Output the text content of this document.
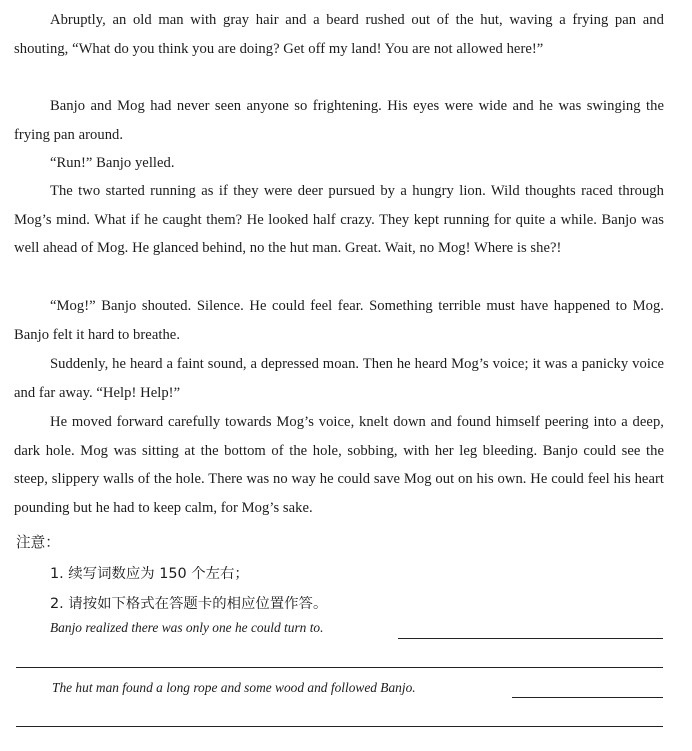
Abruptly, an old man with gray hair and a beard rushed out of the hut, waving a frying pan and shouting, “What do you think you are doing? Get off my land! You are not allowed here!”

Banjo and Mog had never seen anyone so frightening. His eyes were wide and he was swinging the frying pan around.

“Run!” Banjo yelled.

The two started running as if they were deer pursued by a hungry lion. Wild thoughts raced through Mog’s mind. What if he caught them? He looked half crazy. They kept running for quite a while. Banjo was well ahead of Mog. He glanced behind, no the hut man. Great. Wait, no Mog! Where is she?!

“Mog!” Banjo shouted. Silence. He could feel fear. Something terrible must have happened to Mog. Banjo felt it hard to breathe.

Suddenly, he heard a faint sound, a depressed moan. Then he heard Mog’s voice; it was a panicky voice and far away. “Help! Help!”

He moved forward carefully towards Mog’s voice, knelt down and found himself peering into a deep, dark hole. Mog was sitting at the bottom of the hole, sobbing, with her leg bleeding. Banjo could see the steep, slippery walls of the hole. There was no way he could save Mog out on his own. He could feel his heart pounding but he had to keep calm, for Mog’s sake.

注意：
1. 续写词数应为 150 个左右；
2. 请按如下格式在答题卡的相应位置作答。
Banjo realized there was only one he could turn to.
The hut man found a long rope and some wood and followed Banjo.
